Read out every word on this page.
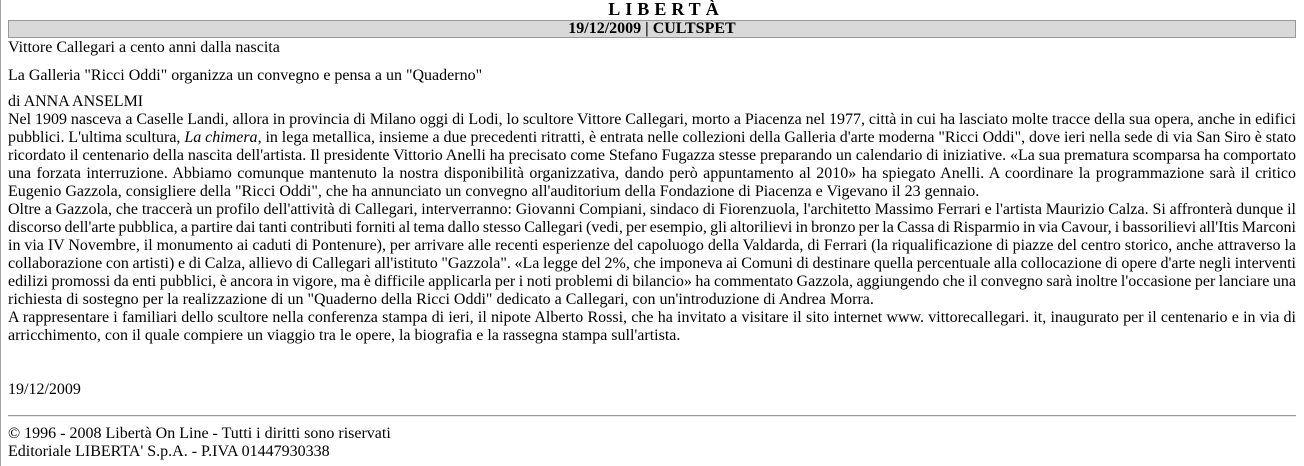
LIBERTÀ
19/12/2009 | CULTSPET
Vittore Callegari a cento anni dalla nascita
La Galleria "Ricci Oddi" organizza un convegno e pensa a un "Quaderno"
di ANNA ANSELMI
Nel 1909 nasceva a Caselle Landi, allora in provincia di Milano oggi di Lodi, lo scultore Vittore Callegari, morto a Piacenza nel 1977, città in cui ha lasciato molte tracce della sua opera, anche in edifici
pubblici. L'ultima scultura, La chimera, in lega metallica, insieme a due precedenti ritratti, è entrata nelle collezioni della Galleria d'arte moderna "Ricci Oddi", dove ieri nella sede di via San Siro è stato
ricordato il centenario della nascita dell'artista. Il presidente Vittorio Anelli ha precisato come Stefano Fugazza stesse preparando un calendario di iniziative. «La sua prematura scomparsa ha comportato
una forzata interruzione. Abbiamo comunque mantenuto la nostra disponibilità organizzativa, dando però appuntamento al 2010» ha spiegato Anelli. A coordinare la programmazione sarà il critico
Eugenio Gazzola, consigliere della "Ricci Oddi", che ha annunciato un convegno all'auditorium della Fondazione di Piacenza e Vigevano il 23 gennaio.
Oltre a Gazzola, che traccerà un profilo dell'attività di Callegari, interverranno: Giovanni Compiani, sindaco di Fiorenzuola, l'architetto Massimo Ferrari e l'artista Maurizio Calza. Si affronterà dunque il
discorso dell'arte pubblica, a partire dai tanti contributi forniti al tema dallo stesso Callegari (vedi, per esempio, gli altorilievi in bronzo per la Cassa di Risparmio in via Cavour, i bassorilievi all'Itis Marconi
in via IV Novembre, il monumento ai caduti di Pontenure), per arrivare alle recenti esperienze del capoluogo della Valdarda, di Ferrari (la riqualificazione di piazze del centro storico, anche attraverso la
collaborazione con artisti) e di Calza, allievo di Callegari all'istituto "Gazzola". «La legge del 2%, che imponeva ai Comuni di destinare quella percentuale alla collocazione di opere d'arte negli interventi
edilizi promossi da enti pubblici, è ancora in vigore, ma è difficile applicarla per i noti problemi di bilancio» ha commentato Gazzola, aggiungendo che il convegno sarà inoltre l'occasione per lanciare una
richiesta di sostegno per la realizzazione di un "Quaderno della Ricci Oddi" dedicato a Callegari, con un'introduzione di Andrea Morra.
A rappresentare i familiari dello scultore nella conferenza stampa di ieri, il nipote Alberto Rossi, che ha invitato a visitare il sito internet www. vittorecallegari. it, inaugurato per il centenario e in via di
arricchimento, con il quale compiere un viaggio tra le opere, la biografia e la rassegna stampa sull'artista.
19/12/2009
© 1996 - 2008 Libertà On Line - Tutti i diritti sono riservati
Editoriale LIBERTA' S.p.A. - P.IVA 01447930338
